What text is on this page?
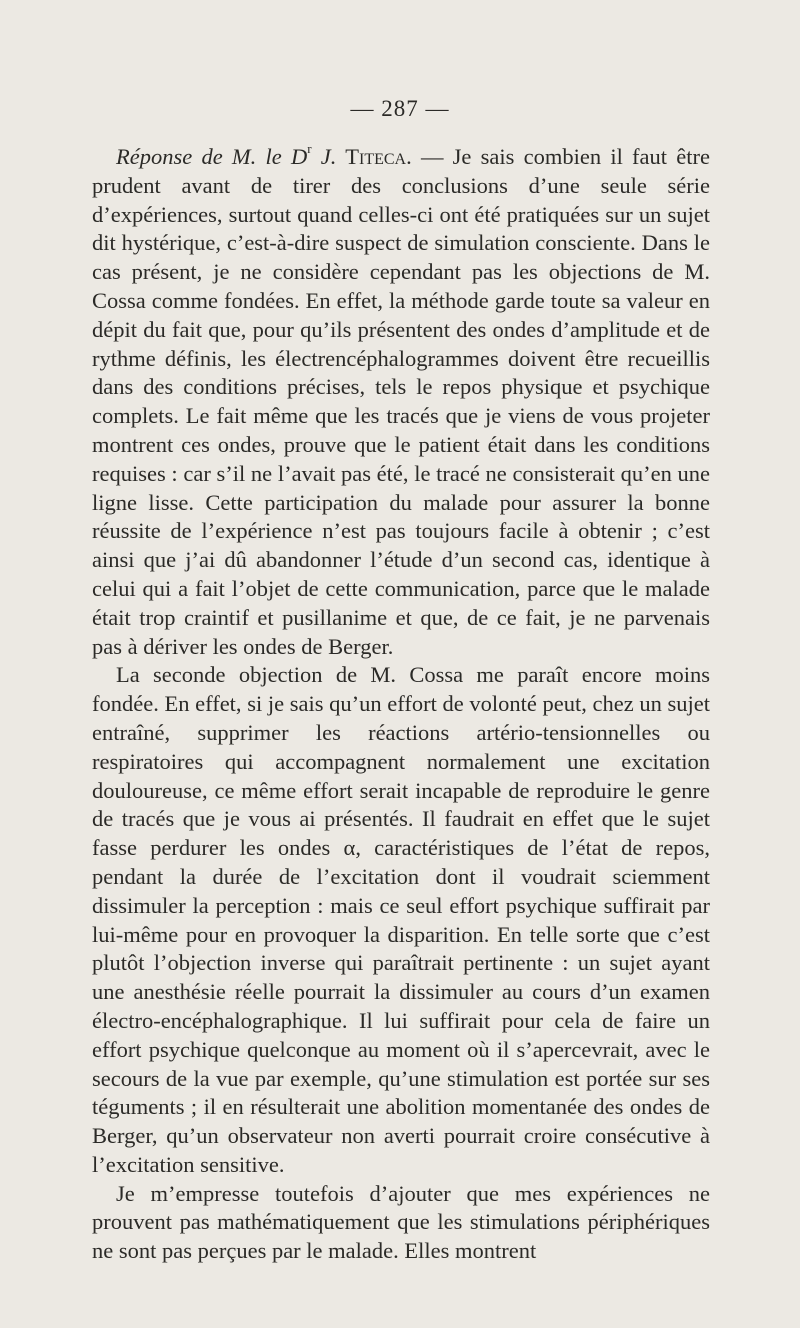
— 287 —

Réponse de M. le $D^r$ J. Titeca. — Je sais combien il faut être prudent avant de tirer des conclusions d’une seule série d’expériences, surtout quand celles-ci ont été pratiquées sur un sujet dit hystérique, c’est-à-dire suspect de simulation consciente. Dans le cas présent, je ne considère cependant pas les objections de M. Cossa comme fondées. En effet, la méthode garde toute sa valeur en dépit du fait que, pour qu’ils présentent des ondes d’amplitude et de rythme définis, les électrencéphalogrammes doivent être recueillis dans des conditions précises, tels le repos physique et psychique complets. Le fait même que les tracés que je viens de vous projeter montrent ces ondes, prouve que le patient était dans les conditions requises : car s’il ne l’avait pas été, le tracé ne consisterait qu’en une ligne lisse. Cette participation du malade pour assurer la bonne réussite de l’expérience n’est pas toujours facile à obtenir ; c’est ainsi que j’ai dû abandonner l’étude d’un second cas, identique à celui qui a fait l’objet de cette communication, parce que le malade était trop craintif et pusillanime et que, de ce fait, je ne parvenais pas à dériver les ondes de Berger.

La seconde objection de M. Cossa me paraît encore moins fondée. En effet, si je sais qu’un effort de volonté peut, chez un sujet entraîné, supprimer les réactions artério-tensionnelles ou respiratoires qui accompagnent normalement une excitation douloureuse, ce même effort serait incapable de reproduire le genre de tracés que je vous ai présentés. Il faudrait en effet que le sujet fasse perdurer les ondes α, caractéristiques de l’état de repos, pendant la durée de l’excitation dont il voudrait sciemment dissimuler la perception : mais ce seul effort psychique suffirait par lui-même pour en provoquer la disparition. En telle sorte que c’est plutôt l’objection inverse qui paraîtrait pertinente : un sujet ayant une anesthésie réelle pourrait la dissimuler au cours d’un examen électro-encéphalographique. Il lui suffirait pour cela de faire un effort psychique quelconque au moment où il s’apercevrait, avec le secours de la vue par exemple, qu’une stimulation est portée sur ses téguments ; il en résulterait une abolition momentanée des ondes de Berger, qu’un observateur non averti pourrait croire consécutive à l’excitation sensitive.

Je m’empresse toutefois d’ajouter que mes expériences ne prouvent pas mathématiquement que les stimulations périphériques ne sont pas perçues par le malade. Elles montrent
